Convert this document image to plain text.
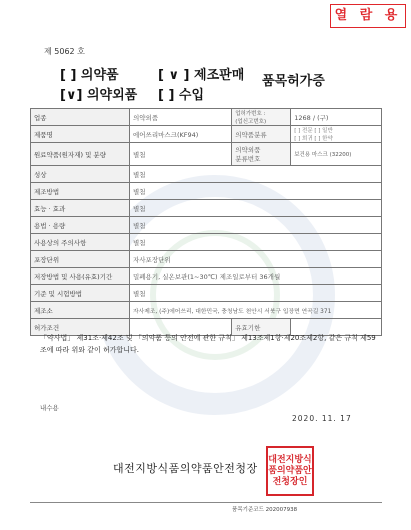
열 람 용
제 5062 호
[ ] 의약품	[ ∨ ] 제조판매
[∨] 의약외품 [ ] 수입
품목허가증
업종	의약외품	업허가번호 :
(업신고번호)	1268 / (구)
제품명	에어쓰리마스크(KF94)	의약품분류	[ ] 전문 [ ] 일반
[ ] 희귀 [ ] 한약
원료약품(원자재) 및 분량	별첨	의약외품
분류번호	보건용 마스크 (32200)
성상	별첨		
제조방법	별첨		
효능 · 효과	별첨		
용법 · 용량	별첨		
사용상의 주의사항	별첨		
포장단위	자사포장단위		
저장방법 및 사용(유효)기간	밀폐용기, 실온보관(1~30℃) 제조일로부터 36개월		
기준 및 시험방법	별첨		
제조소	자사제조, (주)에어쓰리, 대한민국, 충청남도 천안시 서북구 입장면 연곡길 371		
허가조건		유효기한	
「약사법」 제31조·제42조 및 「의약품 등의 안전에 관한 규칙」 제13조제1항·제20조제2항, 같은 규칙 제59조에 따라 위와 같이 허가합니다.
내수용
2020. 11. 17
대전지방식품의약품안전청장
대전지방식품의약품안전청장인
품목기준코드 202007938
